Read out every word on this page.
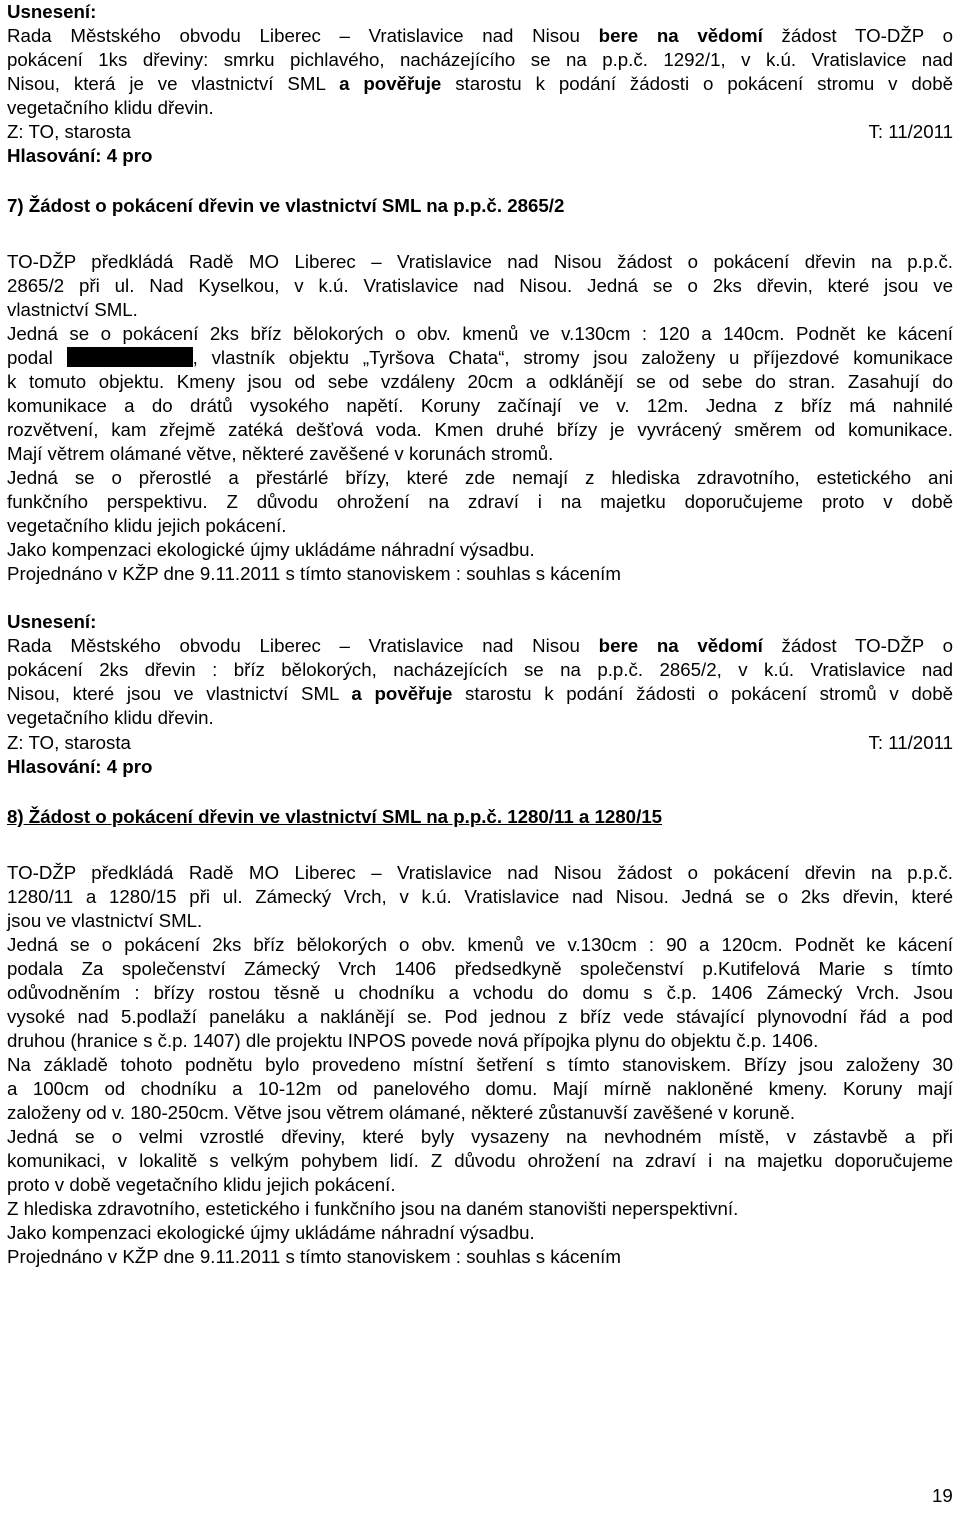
Usnesení:
Rada Městského obvodu Liberec – Vratislavice nad Nisou bere na vědomí žádost TO-DŽP o
pokácení 1ks dřeviny: smrku pichlavého, nacházejícího se na p.p.č. 1292/1, v k.ú. Vratislavice nad
Nisou, která je ve vlastnictví SML a pověřuje starostu k podání žádosti o pokácení stromu v době
vegetačního klidu dřevin.
Z: TO, starosta	T: 11/2011
Hlasování: 4 pro
7) Žádost o pokácení dřevin ve vlastnictví SML na p.p.č. 2865/2
TO-DŽP předkládá Radě MO Liberec – Vratislavice nad Nisou žádost o pokácení dřevin na p.p.č.
2865/2 při ul. Nad Kyselkou, v k.ú. Vratislavice nad Nisou. Jedná se o 2ks dřevin, které jsou ve
vlastnictví SML.
Jedná se o pokácení 2ks bříz bělokorých o obv. kmenů ve v.130cm : 120 a 140cm. Podnět ke kácení
podal	, vlastník objektu „Tyršova Chata“, stromy jsou založeny u příjezdové komunikace
k tomuto objektu. Kmeny jsou od sebe vzdáleny 20cm a odklánějí se od sebe do stran. Zasahují do
komunikace a do drátů vysokého napětí. Koruny začínají ve v. 12m. Jedna z bříz má nahnilé
rozvětvení, kam zřejmě zatéká dešťová voda. Kmen druhé břízy je vyvrácený směrem od komunikace.
Mají větrem olámané větve, některé zavěšené v korunách stromů.
Jedná se o přerostlé a přestárlé břízy, které zde nemají z hlediska zdravotního, estetického ani
funkčního perspektivu. Z důvodu ohrožení na zdraví i na majetku doporučujeme proto v době
vegetačního klidu jejich pokácení.
Jako kompenzaci ekologické újmy ukládáme náhradní výsadbu.
Projednáno v KŽP dne 9.11.2011 s tímto stanoviskem : souhlas s kácením
Usnesení:
Rada Městského obvodu Liberec – Vratislavice nad Nisou bere na vědomí žádost TO-DŽP o
pokácení 2ks dřevin : bříz bělokorých, nacházejících se na p.p.č. 2865/2, v k.ú. Vratislavice nad
Nisou, které jsou ve vlastnictví SML a pověřuje starostu k podání žádosti o pokácení stromů v době
vegetačního klidu dřevin.
Z: TO, starosta	T: 11/2011
Hlasování: 4 pro
8) Žádost o pokácení dřevin ve vlastnictví SML na p.p.č. 1280/11 a 1280/15
TO-DŽP předkládá Radě MO Liberec – Vratislavice nad Nisou žádost o pokácení dřevin na p.p.č.
1280/11 a 1280/15 při ul. Zámecký Vrch, v k.ú. Vratislavice nad Nisou. Jedná se o 2ks dřevin, které
jsou ve vlastnictví SML.
Jedná se o pokácení 2ks bříz bělokorých o obv. kmenů ve v.130cm : 90 a 120cm. Podnět ke kácení
podala Za společenství Zámecký Vrch 1406 předsedkyně společenství p.Kutifelová Marie s tímto
odůvodněním : břízy rostou těsně u chodníku a vchodu do domu s č.p. 1406 Zámecký Vrch. Jsou
vysoké nad 5.podlaží paneláku a naklánějí se. Pod jednou z bříz vede stávající plynovodní řád a pod
druhou (hranice s č.p. 1407) dle projektu INPOS povede nová přípojka plynu do objektu č.p. 1406.
Na základě tohoto podnětu bylo provedeno místní šetření s tímto stanoviskem. Břízy jsou založeny 30
a 100cm od chodníku a 10-12m od panelového domu. Mají mírně nakloněné kmeny. Koruny mají
založeny od v. 180-250cm. Větve jsou větrem olámané, některé zůstanuvší zavěšené v koruně.
Jedná se o velmi vzrostlé dřeviny, které byly vysazeny na nevhodném místě, v zástavbě a při
komunikaci, v lokalitě s velkým pohybem lidí. Z důvodu ohrožení na zdraví i na majetku doporučujeme
proto v době vegetačního klidu jejich pokácení.
Z hlediska zdravotního, estetického i funkčního jsou na daném stanovišti neperspektivní.
Jako kompenzaci ekologické újmy ukládáme náhradní výsadbu.
Projednáno v KŽP dne 9.11.2011 s tímto stanoviskem : souhlas s kácením
19
